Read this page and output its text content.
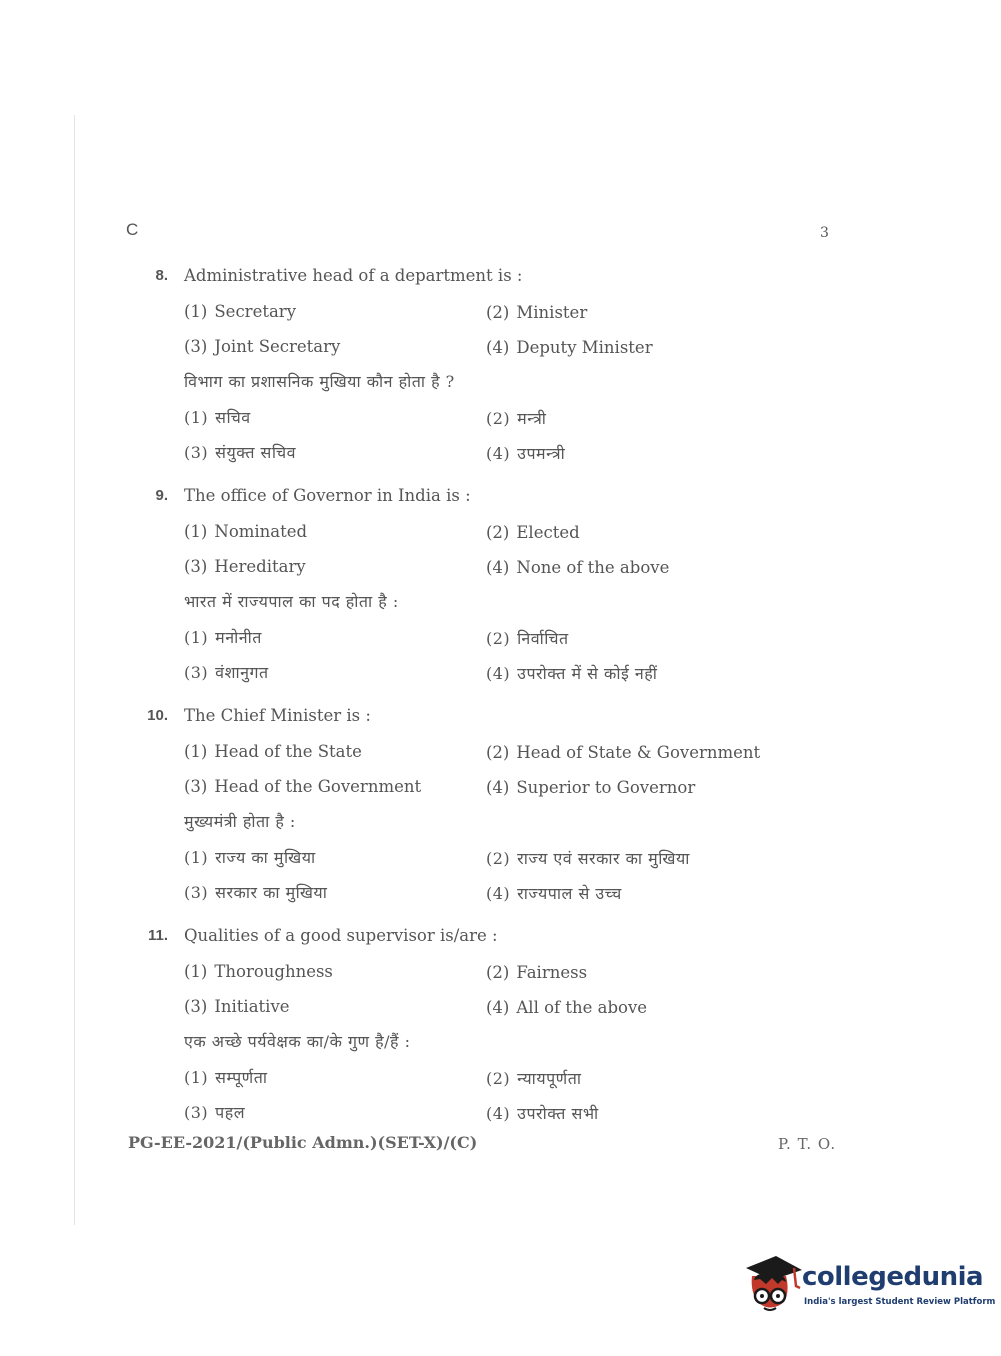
C	3
8. Administrative head of a department is :
(1) Secretary	(2) Minister
(3) Joint Secretary	(4) Deputy Minister
विभाग का प्रशासनिक मुखिया कौन होता है ?
(1) सचिव	(2) मन्त्री
(3) संयुक्त सचिव	(4) उपमन्त्री
9. The office of Governor in India is :
(1) Nominated	(2) Elected
(3) Hereditary	(4) None of the above
भारत में राज्यपाल का पद होता है :
(1) मनोनीत	(2) निर्वाचित
(3) वंशानुगत	(4) उपरोक्त में से कोई नहीं
10. The Chief Minister is :
(1) Head of the State	(2) Head of State & Government
(3) Head of the Government	(4) Superior to Governor
मुख्यमंत्री होता है :
(1) राज्य का मुखिया	(2) राज्य एवं सरकार का मुखिया
(3) सरकार का मुखिया	(4) राज्यपाल से उच्च
11. Qualities of a good supervisor is/are :
(1) Thoroughness	(2) Fairness
(3) Initiative	(4) All of the above
एक अच्छे पर्यवेक्षक का/के गुण है/हैं :
(1) सम्पूर्णता	(2) न्यायपूर्णता
(3) पहल	(4) उपरोक्त सभी
PG-EE-2021/(Public Admn.)(SET-X)/(C)	P. T. O.
collegedunia
India's largest Student Review Platform
